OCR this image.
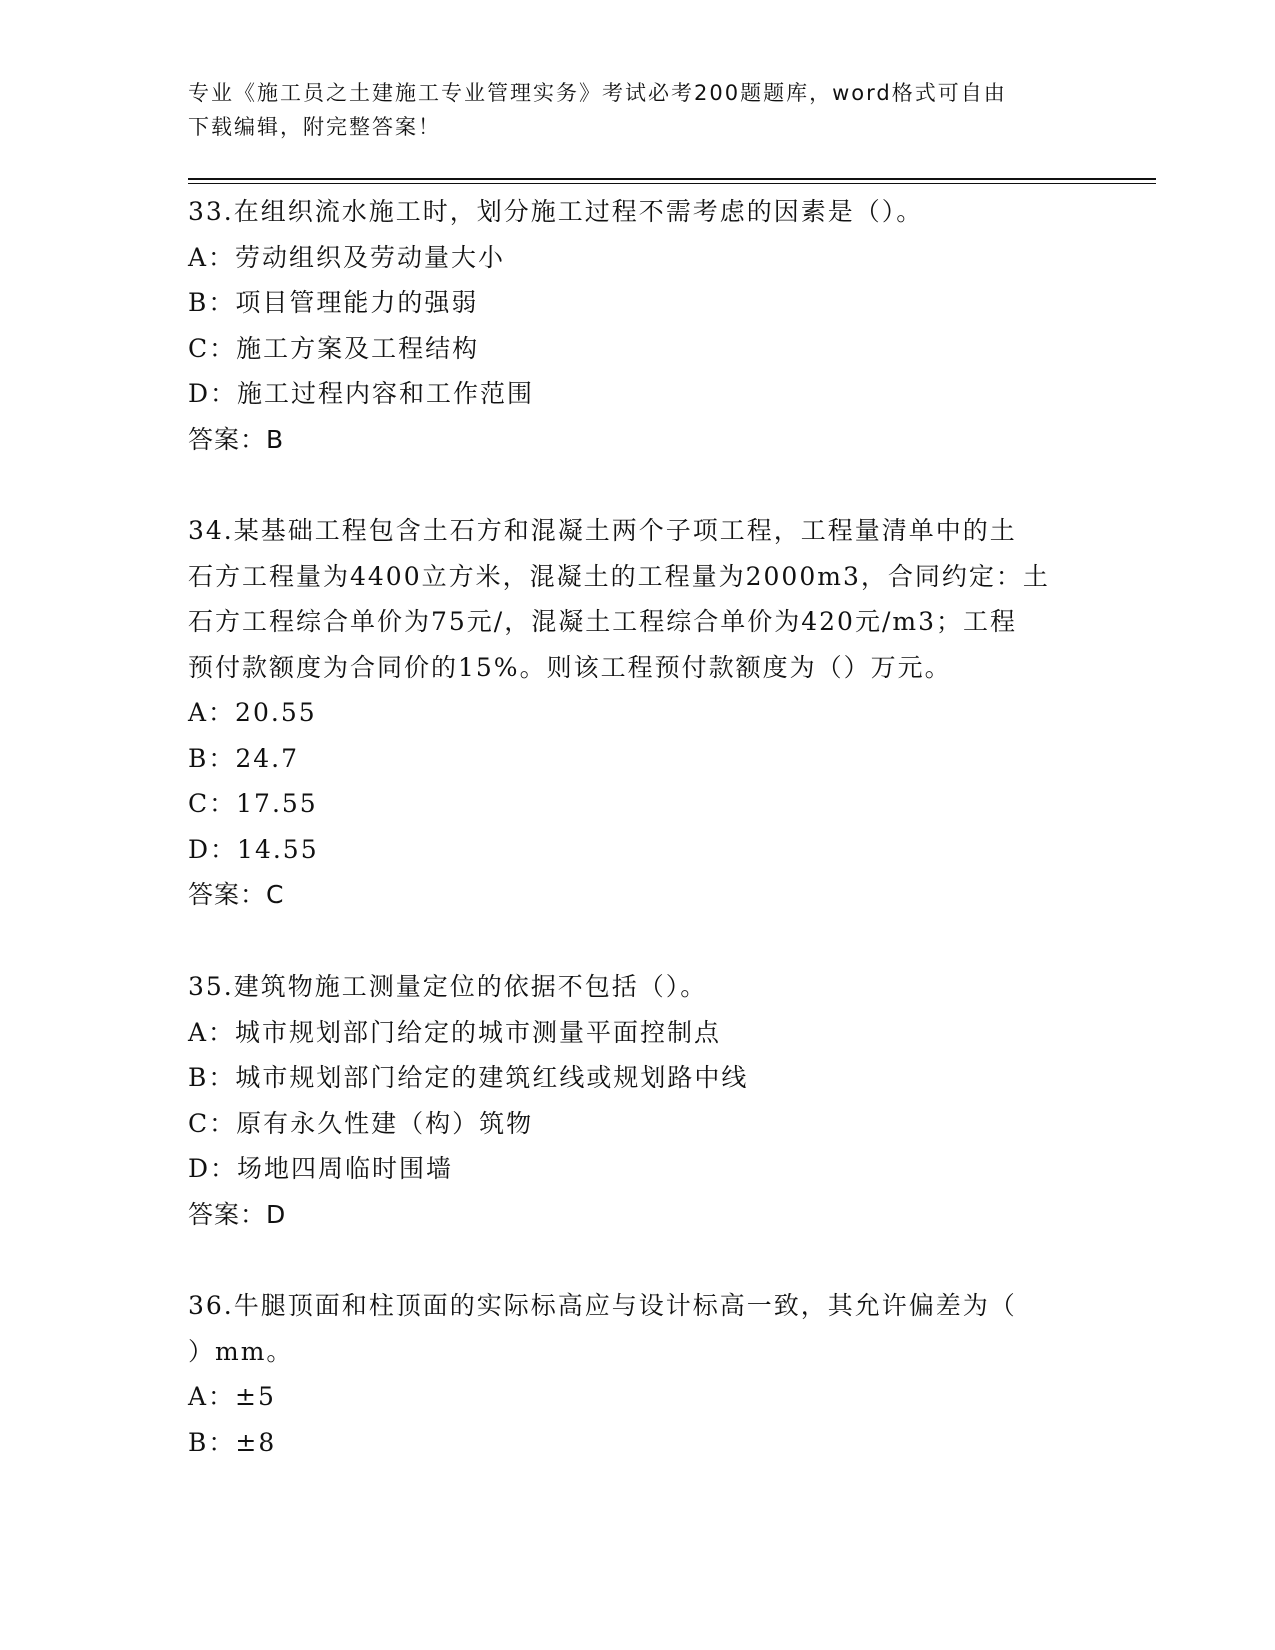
专业《施工员之土建施工专业管理实务》考试必考200题题库，word格式可自由
下载编辑，附完整答案！
33.在组织流水施工时，划分施工过程不需考虑的因素是（）。
A：劳动组织及劳动量大小
B：项目管理能力的强弱
C：施工方案及工程结构
D：施工过程内容和工作范围
答案：B
34.某基础工程包含土石方和混凝土两个子项工程，工程量清单中的土
石方工程量为4400立方米，混凝土的工程量为2000m3，合同约定：土
石方工程综合单价为75元/，混凝土工程综合单价为420元/m3；工程
预付款额度为合同价的15%。则该工程预付款额度为（）万元。
A：20.55
B：24.7
C：17.55
D：14.55
答案：C
35.建筑物施工测量定位的依据不包括（）。
A：城市规划部门给定的城市测量平面控制点
B：城市规划部门给定的建筑红线或规划路中线
C：原有永久性建（构）筑物
D：场地四周临时围墙
答案：D
36.牛腿顶面和柱顶面的实际标高应与设计标高一致，其允许偏差为（
）mm。
A：±5
B：±8
